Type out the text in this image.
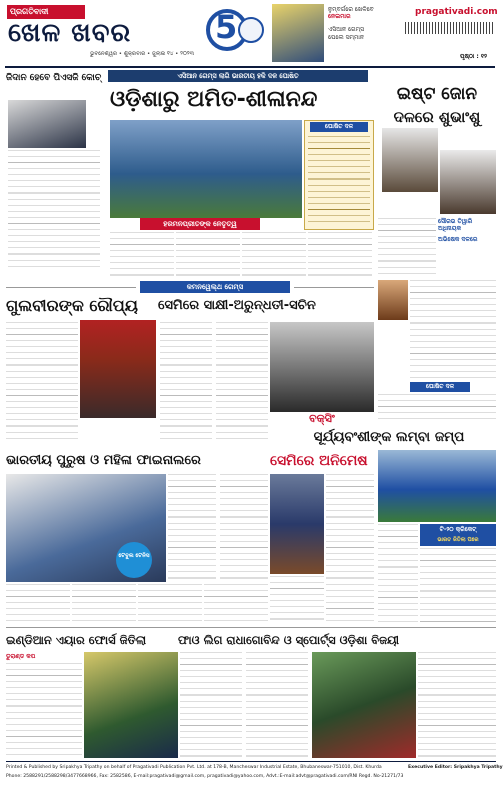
ପ୍ରଗତିବାଦୀ
ଖେଳ ଖବର	5
ଭୁବନେଶ୍ୱର • ଶୁକ୍ରବାର • ଜୁଲାଇ ୧୪ • ୨୦୨୩
ନୁମ୍ବର୍ଗରେ ଖେଳିବେ
ନେଇମାର
ଏସିଆନ ଗେମ୍ସ
ପେଲେ ସମ୍ମାନ
pragativadi.com
ପୃଷ୍ଠା : ୧୨
ଏସିଆନ ଗେମ୍ସ ଲାଗି ଭାରତୀୟ ହକି ଦଳ ଘୋଷିତ
ଜିଦାନ ହେବେ ପିଏସଜି କୋଚ୍
ଓଡ଼ିଶାରୁ ଅମିତ-ଶୀଳାନନ୍ଦ
ହରମନପ୍ରୀତଙ୍କ ନେତୃତ୍ୱ
ଘୋଷିତ ଦଳ
ଇଷ୍ଟ ଜୋନ
ଦଳରେ ଶୁଭାଂଶୁ
ସୌରଭ ତିୱାରି ଅଧିନାୟକ
ଅଭିଷେକ ଦଳରେ
କମନୱେଲ୍ଥ ଗେମ୍ସ
ଗୁଲବୀରଙ୍କ ରୌପ୍ୟ	ସେମିରେ ସାକ୍ଷୀ-ଅରୁନ୍ଧତୀ-ସଚିନ
ବକ୍ସିଂ
ଘୋଷିତ ଦଳ
ସୂର୍ଯ୍ୟବଂଶୀଙ୍କ ଲମ୍ବା ଜମ୍ପ
ଭାରତୀୟ ପୁରୁଷ ଓ ମହିଳା ଫାଇନାଲରେ
ଟେବୁଲ ଟେନିସ
ସେମିରେ ଅନିମେଷ
ଟି-୨୦ କ୍ରିକେଟ୍
ଭାରତ ଜିତିଲା ପରେ
ଇଣ୍ଡିଆନ ଏୟାର ଫୋର୍ସ ଜିତିଲା	ଫାଓ ଲିଗ ରାଧାଗୋବିନ୍ଦ ଓ ସ୍ପୋର୍ଟ୍ସ ଓଡ଼ିଶା ବିଜୟୀ
ଡୁରାଣ୍ଡ କପ
Printed & Published by Sripakhya Tripathy on behalf of Pragativadi Publication Pvt. Ltd. at 178-B, Mancheswar Industrial Estate, Bhubaneswar-751010, Dist. Khurda	Executive Editor: Sripakhya Tripathy
Phone: 2588291/2588298/3477668966, Fax: 2582586, E-mail:pragativadi@gmail.com, pragativadi@yahoo.com, Advt.:E-mail:advt@pragativadi.com/RNI Regd. No-21271/73
